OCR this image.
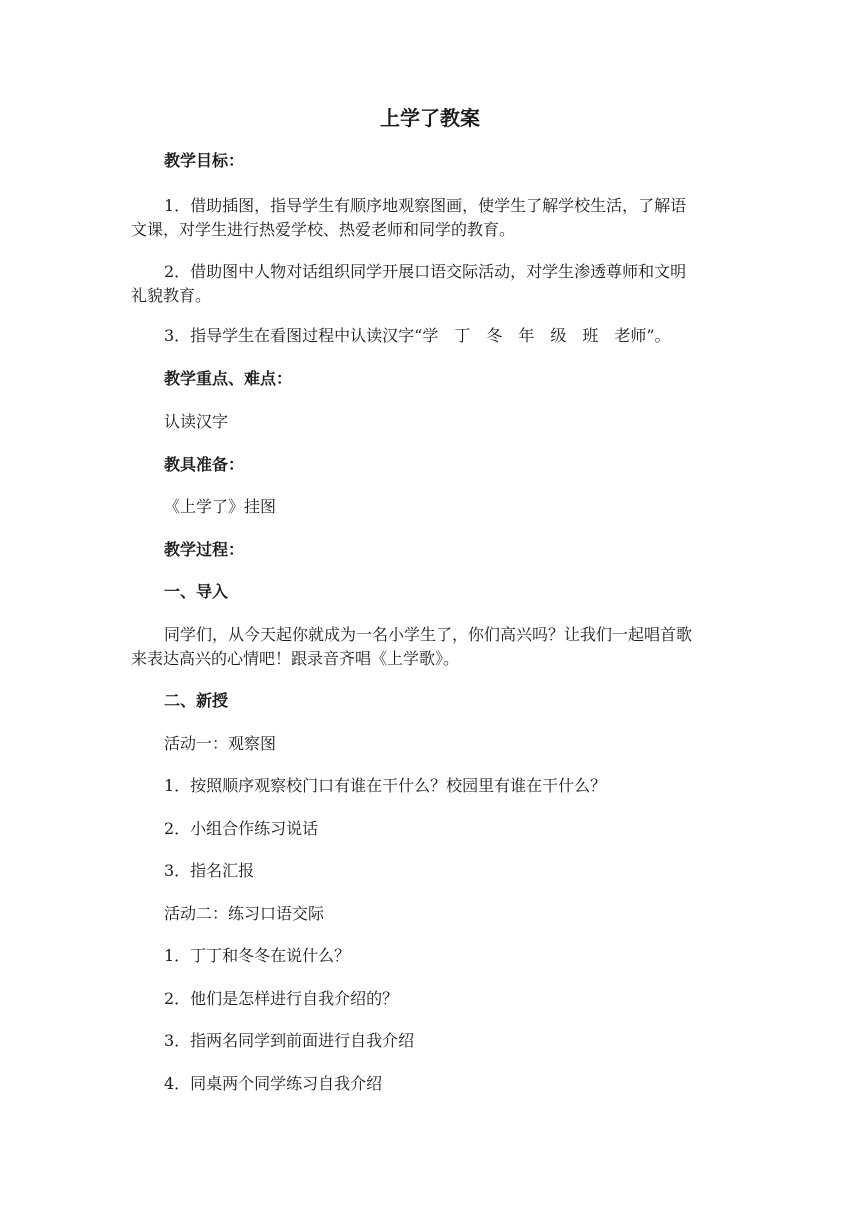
上学了教案

教学目标：

1．借助插图，指导学生有顺序地观察图画，使学生了解学校生活，了解语

文课，对学生进行热爱学校、热爱老师和同学的教育。

2．借助图中人物对话组织同学开展口语交际活动，对学生渗透尊师和文明

礼貌教育。

3．指导学生在看图过程中认读汉字“学　丁　冬　年　级　班　老师”。

教学重点、难点：

认读汉字

教具准备：

《上学了》挂图

教学过程：

一、导入

同学们，从今天起你就成为一名小学生了，你们高兴吗？让我们一起唱首歌

来表达高兴的心情吧！跟录音齐唱《上学歌》。

二、新授

活动一：观察图

1．按照顺序观察校门口有谁在干什么？校园里有谁在干什么？

2．小组合作练习说话

3．指名汇报

活动二：练习口语交际

1．丁丁和冬冬在说什么？

2．他们是怎样进行自我介绍的？

3．指两名同学到前面进行自我介绍

4．同桌两个同学练习自我介绍
